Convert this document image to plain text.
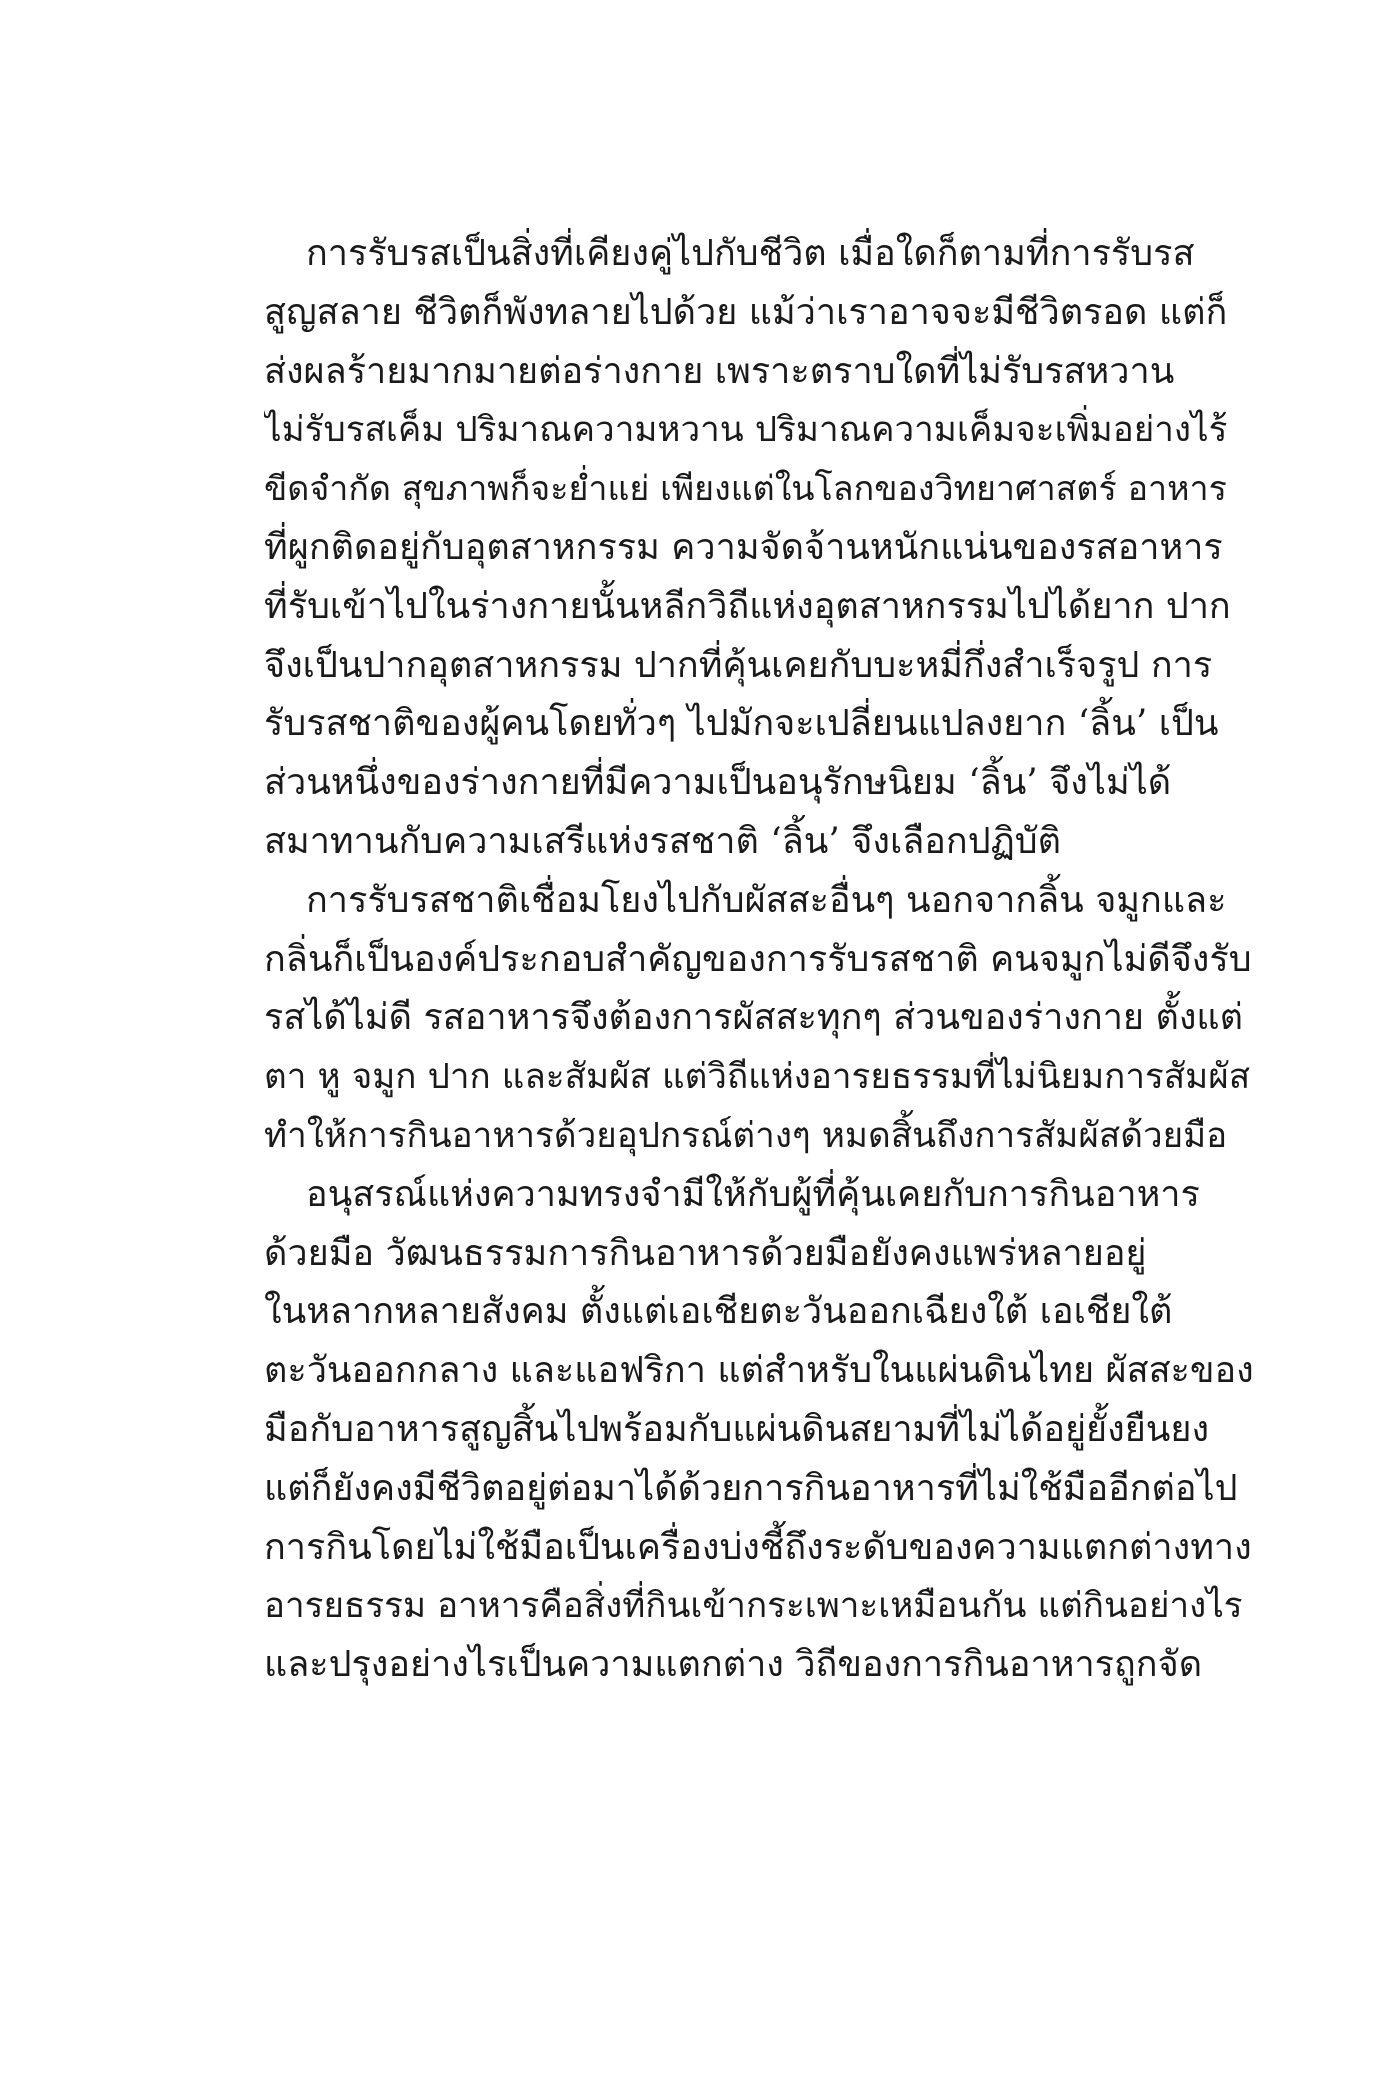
การรับรสเป็นสิ่งที่เคียงคู่ไปกับชีวิต เมื่อใดก็ตามที่การรับรส
สูญสลาย ชีวิตก็พังทลายไปด้วย แม้ว่าเราอาจจะมีชีวิตรอด แต่ก็
ส่งผลร้ายมากมายต่อร่างกาย เพราะตราบใดที่ไม่รับรสหวาน
ไม่รับรสเค็ม ปริมาณความหวาน ปริมาณความเค็มจะเพิ่มอย่างไร้
ขีดจำกัด สุขภาพก็จะย่ำแย่ เพียงแต่ในโลกของวิทยาศาสตร์ อาหาร
ที่ผูกติดอยู่กับอุตสาหกรรม ความจัดจ้านหนักแน่นของรสอาหาร
ที่รับเข้าไปในร่างกายนั้นหลีกวิถีแห่งอุตสาหกรรมไปได้ยาก ปาก
จึงเป็นปากอุตสาหกรรม ปากที่คุ้นเคยกับบะหมี่กึ่งสำเร็จรูป การ
รับรสชาติของผู้คนโดยทั่วๆ ไปมักจะเปลี่ยนแปลงยาก ‘ลิ้น’ เป็น
ส่วนหนึ่งของร่างกายที่มีความเป็นอนุรักษนิยม ‘ลิ้น’ จึงไม่ได้
สมาทานกับความเสรีแห่งรสชาติ ‘ลิ้น’ จึงเลือกปฏิบัติ
การรับรสชาติเชื่อมโยงไปกับผัสสะอื่นๆ นอกจากลิ้น จมูกและ
กลิ่นก็เป็นองค์ประกอบสำคัญของการรับรสชาติ คนจมูกไม่ดีจึงรับ
รสได้ไม่ดี รสอาหารจึงต้องการผัสสะทุกๆ ส่วนของร่างกาย ตั้งแต่
ตา หู จมูก ปาก และสัมผัส แต่วิถีแห่งอารยธรรมที่ไม่นิยมการสัมผัส
ทำให้การกินอาหารด้วยอุปกรณ์ต่างๆ หมดสิ้นถึงการสัมผัสด้วยมือ
อนุสรณ์แห่งความทรงจำมีให้กับผู้ที่คุ้นเคยกับการกินอาหาร
ด้วยมือ วัฒนธรรมการกินอาหารด้วยมือยังคงแพร่หลายอยู่
ในหลากหลายสังคม ตั้งแต่เอเชียตะวันออกเฉียงใต้ เอเชียใต้
ตะวันออกกลาง และแอฟริกา แต่สำหรับในแผ่นดินไทย ผัสสะของ
มือกับอาหารสูญสิ้นไปพร้อมกับแผ่นดินสยามที่ไม่ได้อยู่ยั้งยืนยง
แต่ก็ยังคงมีชีวิตอยู่ต่อมาได้ด้วยการกินอาหารที่ไม่ใช้มืออีกต่อไป
การกินโดยไม่ใช้มือเป็นเครื่องบ่งชี้ถึงระดับของความแตกต่างทาง
อารยธรรม อาหารคือสิ่งที่กินเข้ากระเพาะเหมือนกัน แต่กินอย่างไร
และปรุงอย่างไรเป็นความแตกต่าง วิถีของการกินอาหารถูกจัด
